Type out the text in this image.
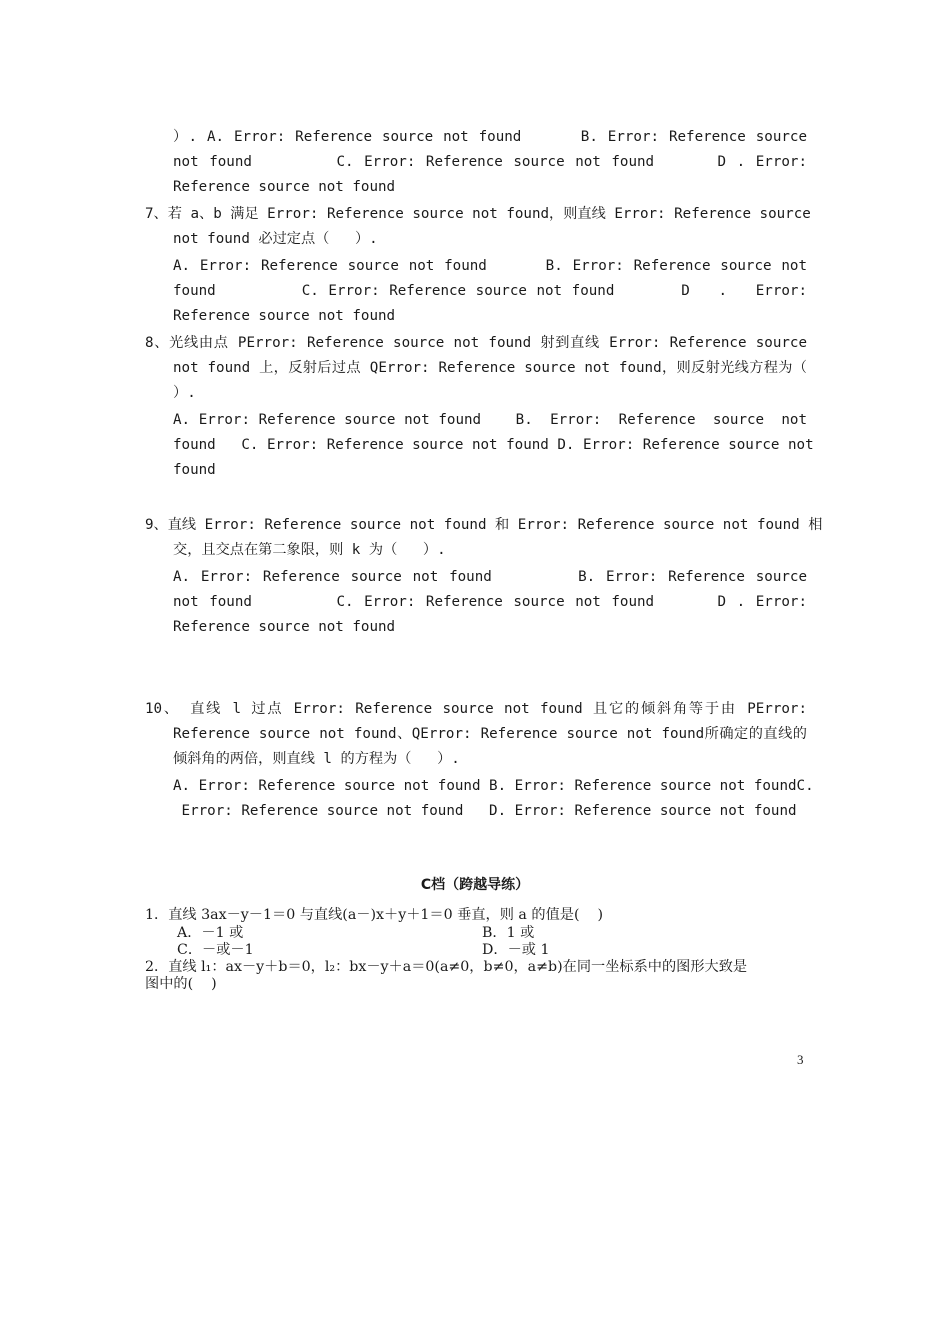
）. A. Error: Reference source not found      B. Error: Reference source
not found        C. Error: Reference source not found      D . Error:
Reference source not found
7、若 a、b 满足 Error: Reference source not found，则直线 Error: Reference source
not found 必过定点（   ）.
A. Error: Reference source not found      B. Error: Reference source not
found         C. Error: Reference source not found       D   .   Error:
Reference source not found
8、光线由点 PError: Reference source not found 射到直线 Error: Reference source
not found 上，反射后过点 QError: Reference source not found，则反射光线方程为（
）.
A. Error: Reference source not found    B.  Error:  Reference  source  not
found   C. Error: Reference source not found D. Error: Reference source not
found
9、直线 Error: Reference source not found 和 Error: Reference source not found 相
交，且交点在第二象限，则 k 为（   ）.
A. Error: Reference source not found        B. Error: Reference source
not found        C. Error: Reference source not found      D . Error:
Reference source not found
10、 直线 l 过点 Error: Reference source not found 且它的倾斜角等于由 PError:
Reference source not found、QError: Reference source not found所确定的直线的
倾斜角的两倍，则直线 l 的方程为（   ）.
A. Error: Reference source not found B. Error: Reference source not foundC.
Error: Reference source not found   D. Error: Reference source not found
C档（跨越导练）
1．直线 3ax－y－1＝0 与直线(a－)x＋y＋1＝0 垂直，则 a 的值是(    )
A．－1 或	B．1 或
C．－或－1	D．－或 1
2．直线 l₁：ax－y＋b＝0，l₂：bx－y＋a＝0(a≠0，b≠0，a≠b)在同一坐标系中的图形大致是
图中的(    )
3
